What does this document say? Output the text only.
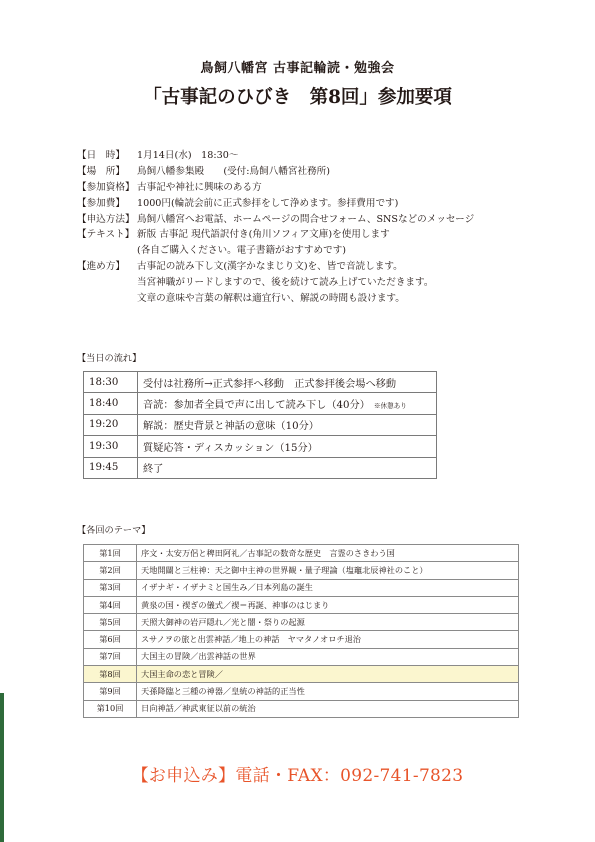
鳥飼八幡宮 古事記輪読・勉強会
「古事記のひびき　第8回」参加要項
【日　時】 1月14日(水)　18:30～
【場　所】 鳥飼八幡参集殿　　(受付:鳥飼八幡宮社務所)
【参加資格】 古事記や神社に興味のある方
【参加費】 1000円(輪読会前に正式参拝をして浄めます。参拝費用です)
【申込方法】 鳥飼八幡宮へお電話、ホームページの問合せフォーム、SNSなどのメッセージ
【テキスト】 新版 古事記 現代語訳付き(角川ソフィア文庫)を使用します
(各自ご購入ください。電子書籍がおすすめです)
【進め方】 古事記の読み下し文(漢字かなまじり文)を、皆で音読します。
当宮神職がリードしますので、後を続けて読み上げていただきます。
文章の意味や言葉の解釈は適宜行い、解説の時間も設けます。
【当日の流れ】
18:30	受付は社務所→正式参拝へ移動　正式参拝後会場へ移動
18:40	音読：参加者全員で声に出して読み下し（40分） ※休憩あり
19:20	解説：歴史背景と神話の意味（10分）
19:30	質疑応答・ディスカッション（15分）
19:45	終了
【各回のテーマ】
第1回	序文・太安万侶と稗田阿礼／古事記の数奇な歴史　言霊のさきわう国
第2回	天地開闢と三柱神：天之御中主神の世界観・量子理論（塩竈北辰神社のこと）
第3回	イザナギ・イザナミと国生み／日本列島の誕生
第4回	黄泉の国・禊ぎの儀式／禊＝再誕、神事のはじまり
第5回	天照大御神の岩戸隠れ／光と闇・祭りの起源
第6回	スサノヲの旅と出雲神話／地上の神話　ヤマタノオロチ退治
第7回	大国主の冒険／出雲神話の世界
第8回	大国主命の恋と冒険／
第9回	天孫降臨と三種の神器／皇統の神話的正当性
第10回	日向神話／神武東征以前の統治
【お申込み】電話・FAX：092-741-7823
